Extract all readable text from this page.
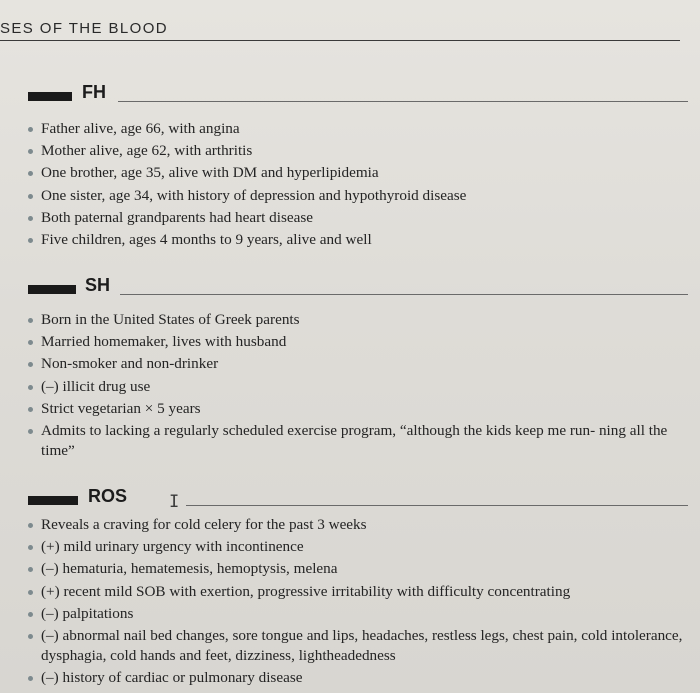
SES OF THE BLOOD
FH
Father alive, age 66, with angina
Mother alive, age 62, with arthritis
One brother, age 35, alive with DM and hyperlipidemia
One sister, age 34, with history of depression and hypothyroid disease
Both paternal grandparents had heart disease
Five children, ages 4 months to 9 years, alive and well
SH
Born in the United States of Greek parents
Married homemaker, lives with husband
Non-smoker and non-drinker
(–) illicit drug use
Strict vegetarian × 5 years
Admits to lacking a regularly scheduled exercise program, “although the kids keep me run- ning all the time”
ROS I
Reveals a craving for cold celery for the past 3 weeks
(+) mild urinary urgency with incontinence
(–) hematuria, hematemesis, hemoptysis, melena
(+) recent mild SOB with exertion, progressive irritability with difficulty concentrating
(–) palpitations
(–) abnormal nail bed changes, sore tongue and lips, headaches, restless legs, chest pain, cold intolerance, dysphagia, cold hands and feet, dizziness, lightheadedness
(–) history of cardiac or pulmonary disease
